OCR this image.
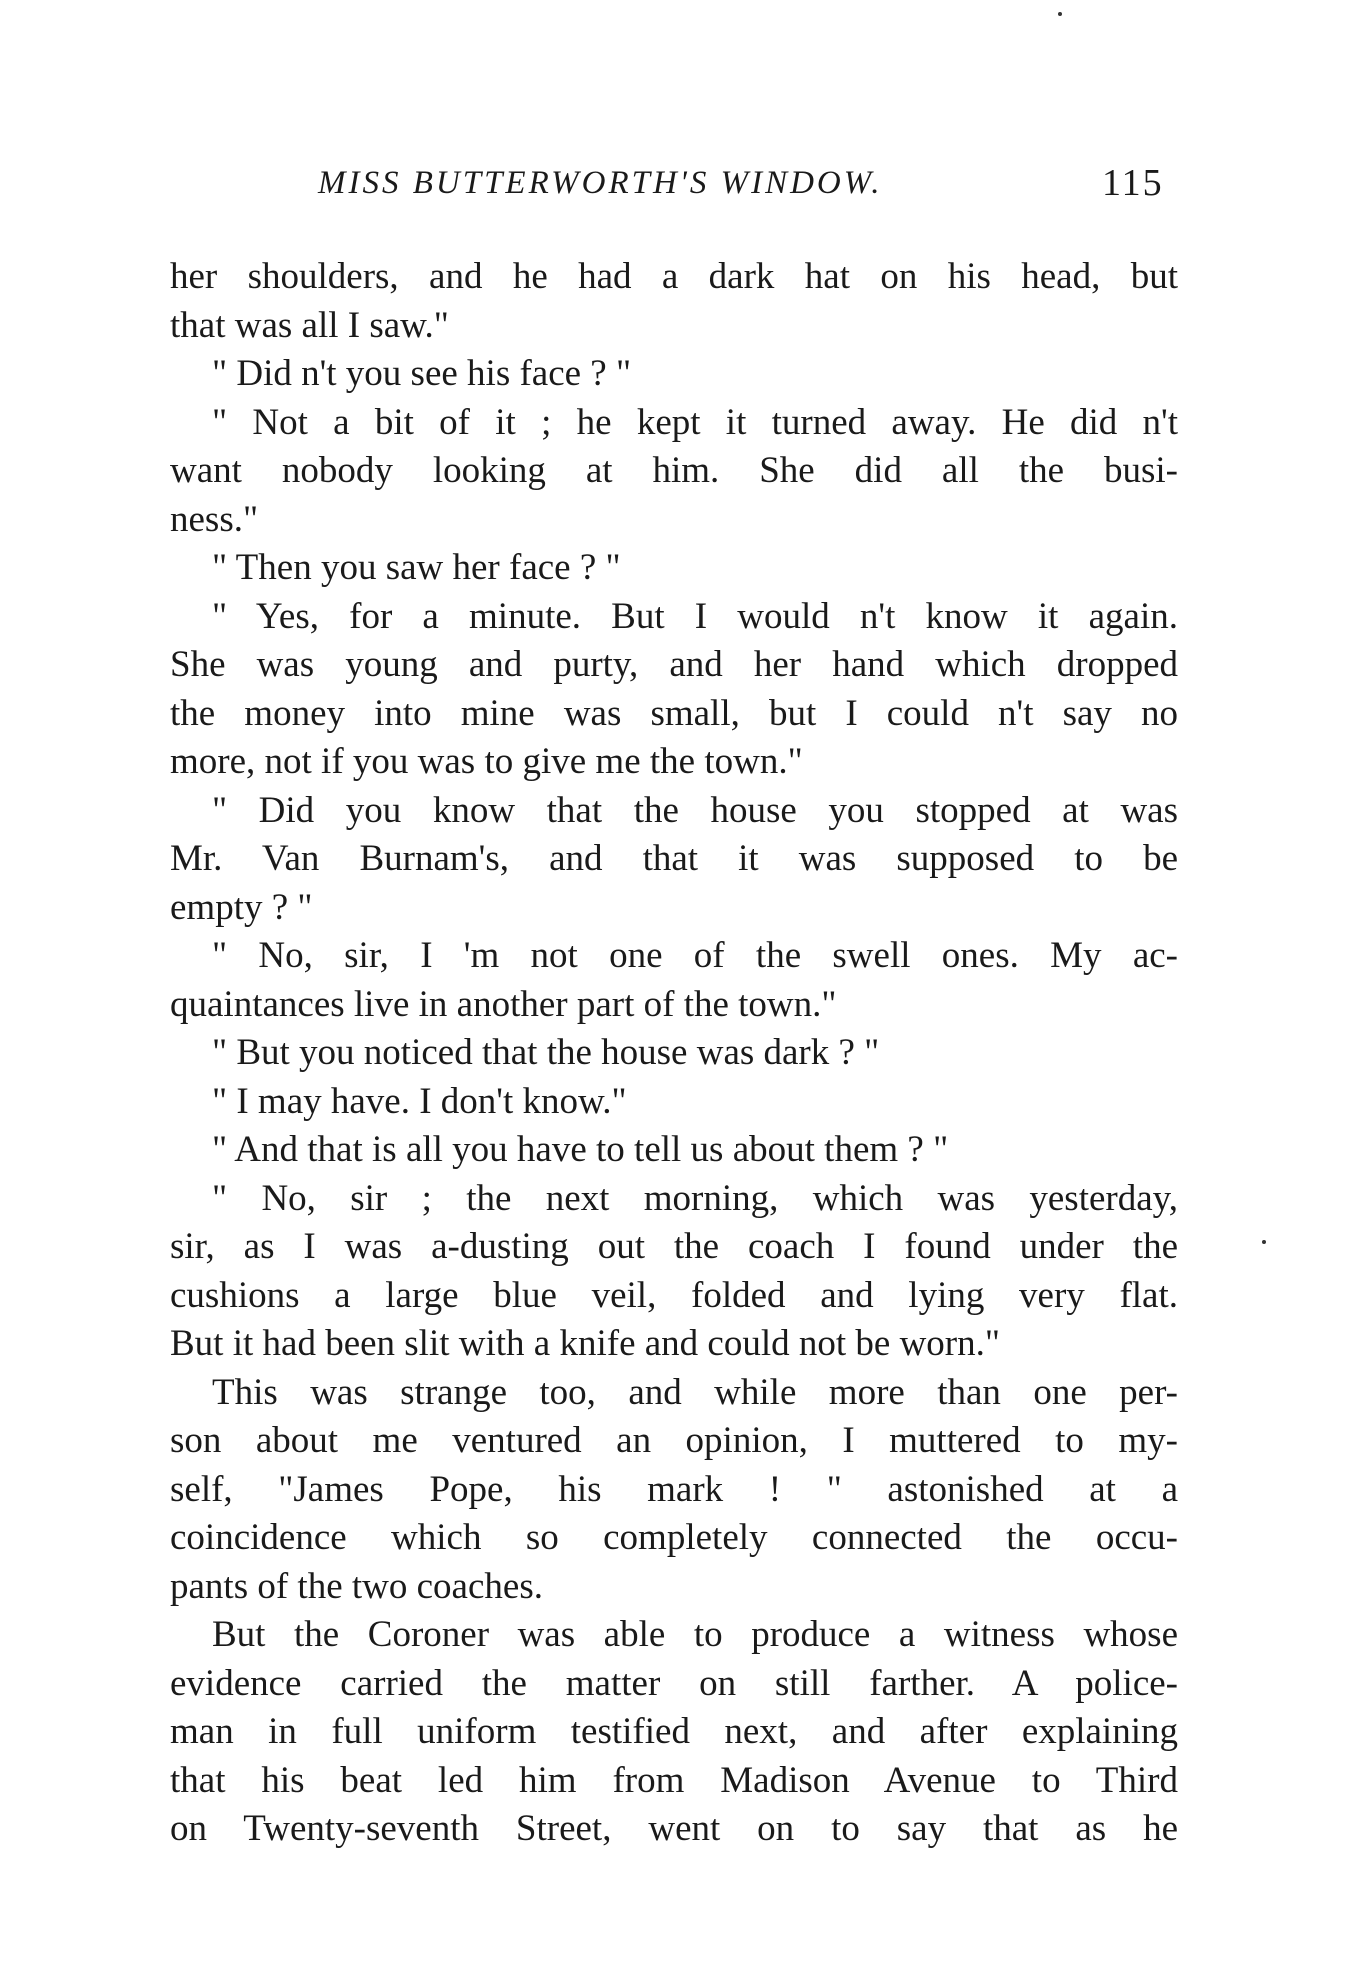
MISS BUTTERWORTH'S WINDOW.	115
her shoulders, and he had a dark hat on his head, but
that was all I saw."
" Did n't you see his face ? "
" Not a bit of it ; he kept it turned away. He did n't
want nobody looking at him. She did all the busi-
ness."
" Then you saw her face ? "
" Yes, for a minute. But I would n't know it again.
She was young and purty, and her hand which dropped
the money into mine was small, but I could n't say no
more, not if you was to give me the town."
" Did you know that the house you stopped at was
Mr. Van Burnam's, and that it was supposed to be
empty ? "
" No, sir, I 'm not one of the swell ones. My ac-
quaintances live in another part of the town."
" But you noticed that the house was dark ? "
" I may have. I don't know."
" And that is all you have to tell us about them ? "
" No, sir ; the next morning, which was yesterday,
sir, as I was a-dusting out the coach I found under the
cushions a large blue veil, folded and lying very flat.
But it had been slit with a knife and could not be worn."
This was strange too, and while more than one per-
son about me ventured an opinion, I muttered to my-
self, "James Pope, his mark ! " astonished at a
coincidence which so completely connected the occu-
pants of the two coaches.
But the Coroner was able to produce a witness whose
evidence carried the matter on still farther. A police-
man in full uniform testified next, and after explaining
that his beat led him from Madison Avenue to Third
on Twenty-seventh Street, went on to say that as he
